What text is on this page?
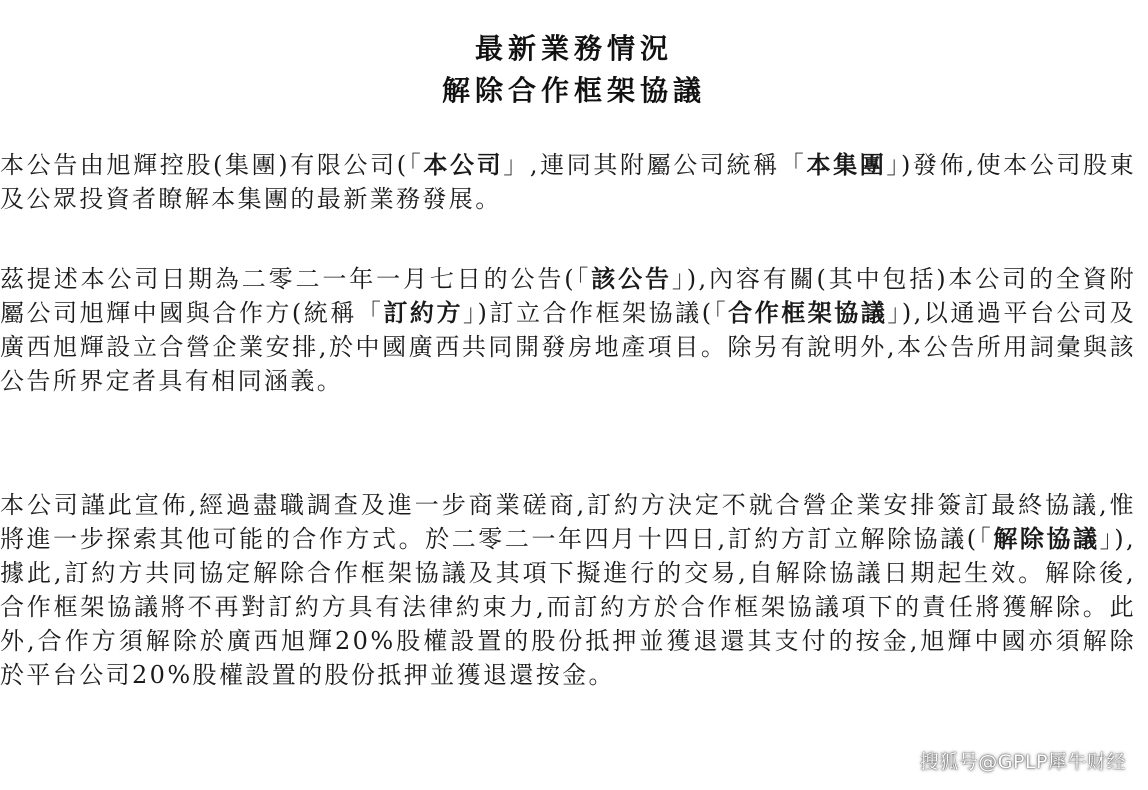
最新業務情況
解除合作框架協議
本公告由旭輝控股(集團)有限公司(「本公司」,連同其附屬公司統稱「本集團」)發佈,使本公司股東及公眾投資者瞭解本集團的最新業務發展。
茲提述本公司日期為二零二一年一月七日的公告(「該公告」),內容有關(其中包括)本公司的全資附屬公司旭輝中國與合作方(統稱「訂約方」)訂立合作框架協議(「合作框架協議」),以通過平台公司及廣西旭輝設立合營企業安排,於中國廣西共同開發房地產項目。除另有說明外,本公告所用詞彙與該公告所界定者具有相同涵義。
本公司謹此宣佈,經過盡職調查及進一步商業磋商,訂約方決定不就合營企業安排簽訂最終協議,惟將進一步探索其他可能的合作方式。於二零二一年四月十四日,訂約方訂立解除協議(「解除協議」),據此,訂約方共同協定解除合作框架協議及其項下擬進行的交易,自解除協議日期起生效。解除後,合作框架協議將不再對訂約方具有法律約束力,而訂約方於合作框架協議項下的責任將獲解除。此外,合作方須解除於廣西旭輝20%股權設置的股份抵押並獲退還其支付的按金,旭輝中國亦須解除於平台公司20%股權設置的股份抵押並獲退還按金。
搜狐号@GPLP犀牛财经
